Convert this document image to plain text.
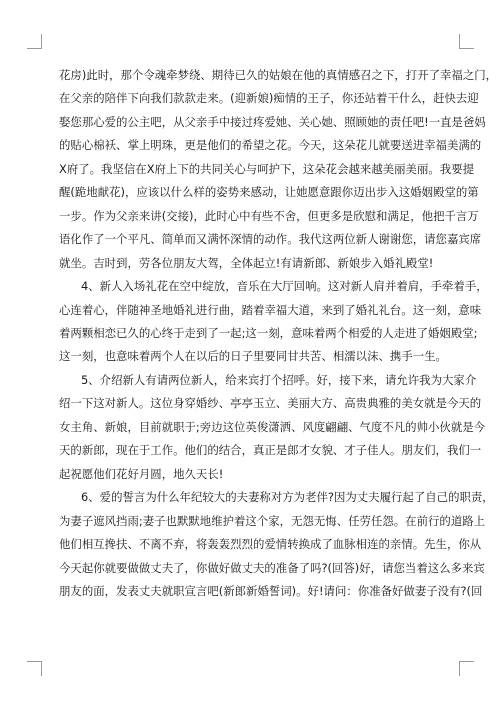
花房)此时，那个令魂牵梦绕、期待已久的姑娘在他的真情感召之下，打开了幸福之门，
在父亲的陪伴下向我们款款走来。(迎新娘)痴情的王子，你还站着干什么，赶快去迎
娶您那心爱的公主吧，从父亲手中接过疼爱她、关心她、照顾她的责任吧!一直是爸妈
的贴心棉袄、掌上明珠，更是他们的希望之花。今天，这朵花儿就要送进幸福美满的
X府了。我坚信在X府上下的共同关心与呵护下，这朵花会越来越美丽美丽。我要提
醒(跪地献花)，应该以什么样的姿势来感动，让她愿意跟你迈出步入这婚姻殿堂的第
一步。作为父亲来讲(交接)，此时心中有些不舍，但更多是欣慰和满足，他把千言万
语化作了一个平凡、简单而又满怀深情的动作。我代这两位新人谢谢您，请您嘉宾席
就坐。吉时到，劳各位朋友大驾，全体起立!有请新郎、新娘步入婚礼殿堂!

4、新人入场礼花在空中绽放，音乐在大厅回响。这对新人肩并着肩，手牵着手，
心连着心，伴随神圣地婚礼进行曲，踏着幸福大道，来到了婚礼礼台。这一刻，意味
着两颗相恋已久的心终于走到了一起;这一刻，意味着两个相爱的人走进了婚姻殿堂;
这一刻，也意味着两个人在以后的日子里要同甘共苦、相濡以沫、携手一生。

5、介绍新人有请两位新人，给来宾打个招呼。好，接下来，请允许我为大家介
绍一下这对新人。这位身穿婚纱、亭亭玉立、美丽大方、高贵典雅的美女就是今天的
女主角、新娘，目前就职于;旁边这位英俊潇洒、风度翩翩、气度不凡的帅小伙就是今
天的新郎，现在于工作。他们的结合，真正是郎才女貌、才子佳人。朋友们，我们一
起祝愿他们花好月圆，地久天长!

6、爱的誓言为什么年纪较大的夫妻称对方为老伴?因为丈夫履行起了自己的职责，
为妻子遮风挡雨;妻子也默默地维护着这个家，无怨无悔、任劳任怨。在前行的道路上
他们相互搀扶、不离不弃，将轰轰烈烈的爱情转换成了血脉相连的亲情。先生，你从
今天起你就要做做丈夫了，你做好做丈夫的准备了吗?(回答)好，请您当着这么多来宾
朋友的面，发表丈夫就职宣言吧(新郎新婚誓词)。好!请问：你准备好做妻子没有?(回
